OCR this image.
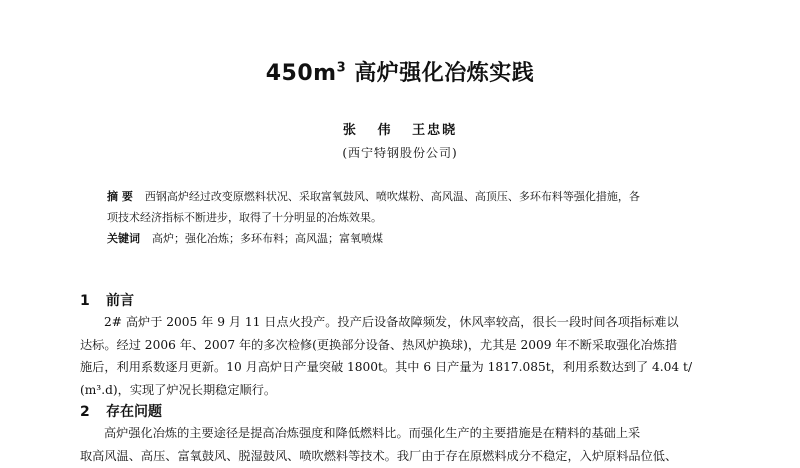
$450m^3$ 高炉强化冶炼实践
张   伟   王忠晓
(西宁特钢股份公司)
摘 要 西钢高炉经过改变原燃料状况、采取富氧鼓风、喷吹煤粉、高风温、高顶压、多环布料等强化措施，各
项技术经济指标不断进步，取得了十分明显的冶炼效果。
关键词 高炉；强化冶炼；多环布料；高风温；富氧喷煤
1 前言

2# 高炉于 2005 年 9 月 11 日点火投产。投产后设备故障频发，休风率较高，很长一段时间各项指标难以

达标。经过 2006 年、2007 年的多次检修(更换部分设备、热风炉换球)，尤其是 2009 年不断采取强化冶炼措

施后，利用系数逐月更新。10 月高炉日产量突破 1800t。其中 6 日产量为 1817.085t，利用系数达到了 4.04 t/

(m³.d)，实现了炉况长期稳定顺行。

2 存在问题

高炉强化冶炼的主要途径是提高冶炼强度和降低燃料比。而强化生产的主要措施是在精料的基础上采

取高风温、高压、富氧鼓风、脱湿鼓风、喷吹燃料等技术。我厂由于存在原燃料成分不稳定，入炉原料品位低、
